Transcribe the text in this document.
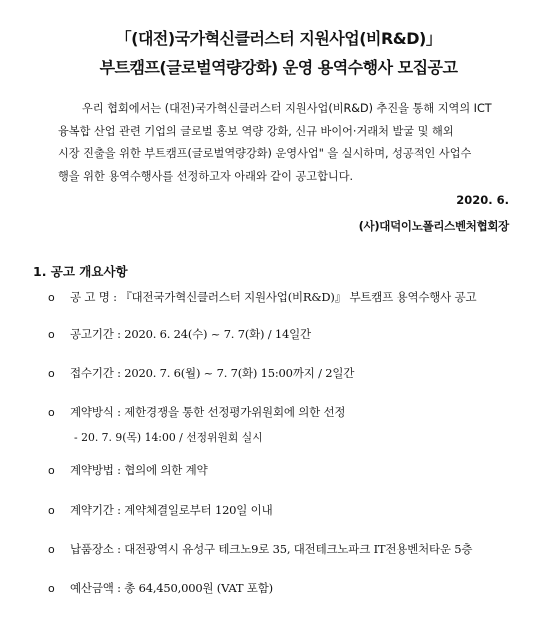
「(대전)국가혁신클러스터 지원사업(비R&D)」
부트캠프(글로벌역량강화) 운영 용역수행사 모집공고
우리 협회에서는 (대전)국가혁신클러스터 지원사업(비R&D) 추진을 통해 지역의 ICT
융복합 산업 관련 기업의 글로벌 홍보 역량 강화, 신규 바이어·거래처 발굴 및 해외
시장 진출을 위한 부트캠프(글로벌역량강화) 운영사업" 을 실시하며, 성공적인 사업수
행을 위한 용역수행사를 선정하고자 아래와 같이 공고합니다.
2020. 6.
(사)대덕이노폴리스벤처협회장
1. 공고 개요사항
o 공 고 명 : 『대전국가혁신클러스터 지원사업(비R&D)』 부트캠프 용역수행사 공고
o 공고기간 : 2020. 6. 24(수) ~ 7. 7(화) / 14일간
o 접수기간 : 2020. 7. 6(월) ~ 7. 7(화) 15:00까지 / 2일간
o 계약방식 : 제한경쟁을 통한 선정평가위원회에 의한 선정
- 20. 7. 9(목) 14:00 / 선정위원회 실시
o 계약방법 : 협의에 의한 계약
o 계약기간 : 계약체결일로부터 120일 이내
o 납품장소 : 대전광역시 유성구 테크노9로 35, 대전테크노파크 IT전용벤처타운 5층
o 예산금액 : 총 64,450,000원 (VAT 포함)
